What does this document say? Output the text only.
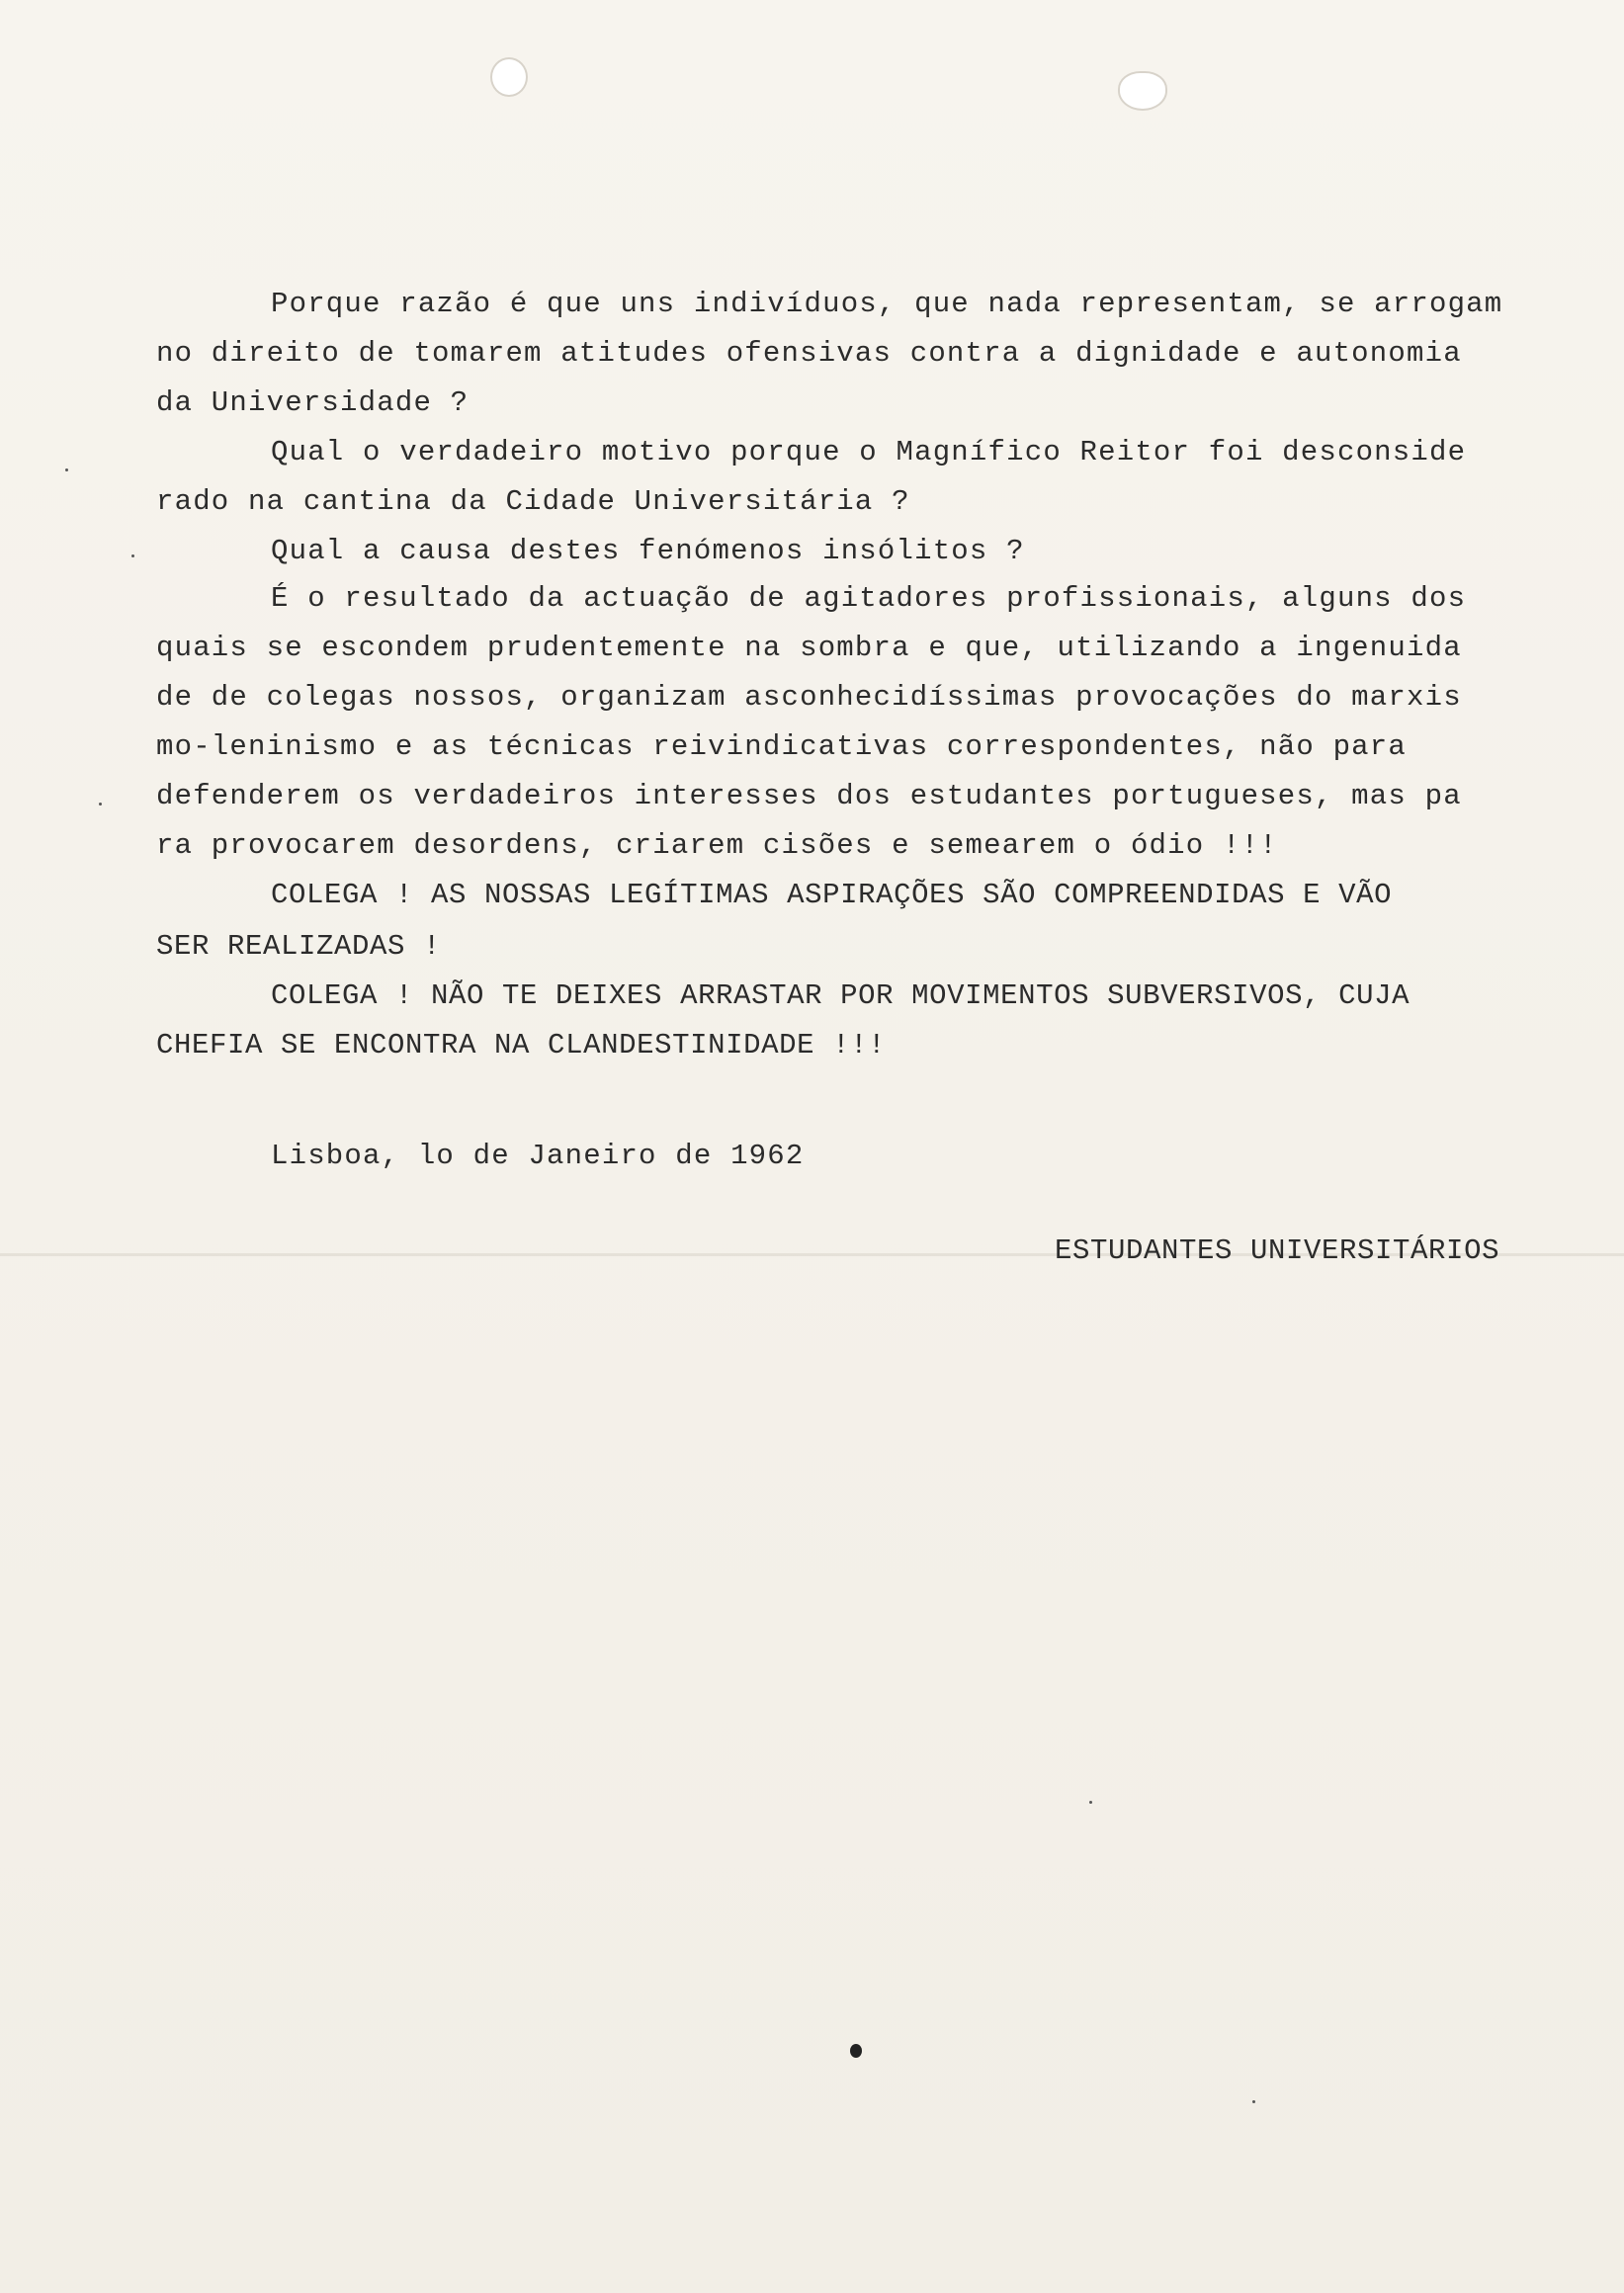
Porque razão é que uns indivíduos, que nada representam, se arrogam
no direito de tomarem atitudes ofensivas contra a dignidade e autonomia
da Universidade ?
Qual o verdadeiro motivo porque o Magnífico Reitor foi desconside
rado na cantina da Cidade Universitária ?
Qual a causa destes fenómenos insólitos ?
É o resultado da actuação de agitadores profissionais, alguns dos
quais se escondem prudentemente na sombra e que, utilizando a ingenuida
de de colegas nossos, organizam asconhecidíssimas provocações do marxis
mo-leninismo e as técnicas reivindicativas correspondentes, não para
defenderem os verdadeiros interesses dos estudantes portugueses, mas pa
ra provocarem desordens, criarem cisões e semearem o ódio !!!
COLEGA ! AS NOSSAS LEGÍTIMAS ASPIRAÇÕES SÃO COMPREENDIDAS E VÃO
SER REALIZADAS !
COLEGA ! NÃO TE DEIXES ARRASTAR POR MOVIMENTOS SUBVERSIVOS, CUJA
CHEFIA SE ENCONTRA NA CLANDESTINIDADE !!!
Lisboa, lo de Janeiro de 1962
ESTUDANTES UNIVERSITÁRIOS
